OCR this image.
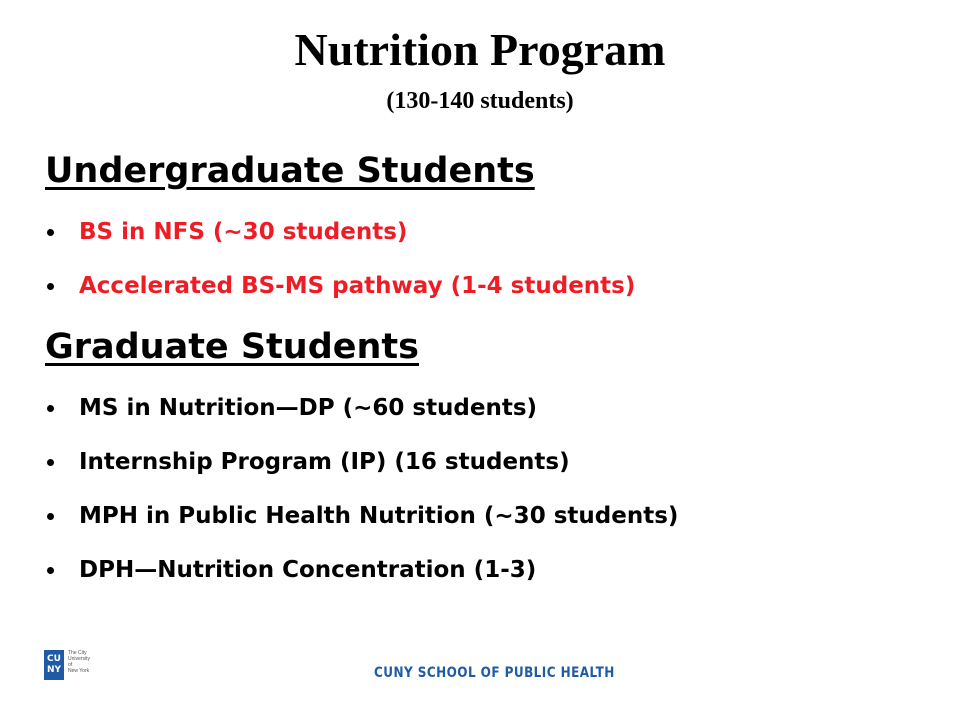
Nutrition Program
(130-140 students)
Undergraduate Students
BS in NFS (~30 students)
Accelerated BS-MS pathway (1-4 students)
Graduate Students
MS in Nutrition—DP (~60 students)
Internship Program (IP) (16 students)
MPH in Public Health Nutrition (~30 students)
DPH—Nutrition Concentration (1-3)
CU
NY
The City
University
of
New York	CUNY SCHOOL OF PUBLIC HEALTH
